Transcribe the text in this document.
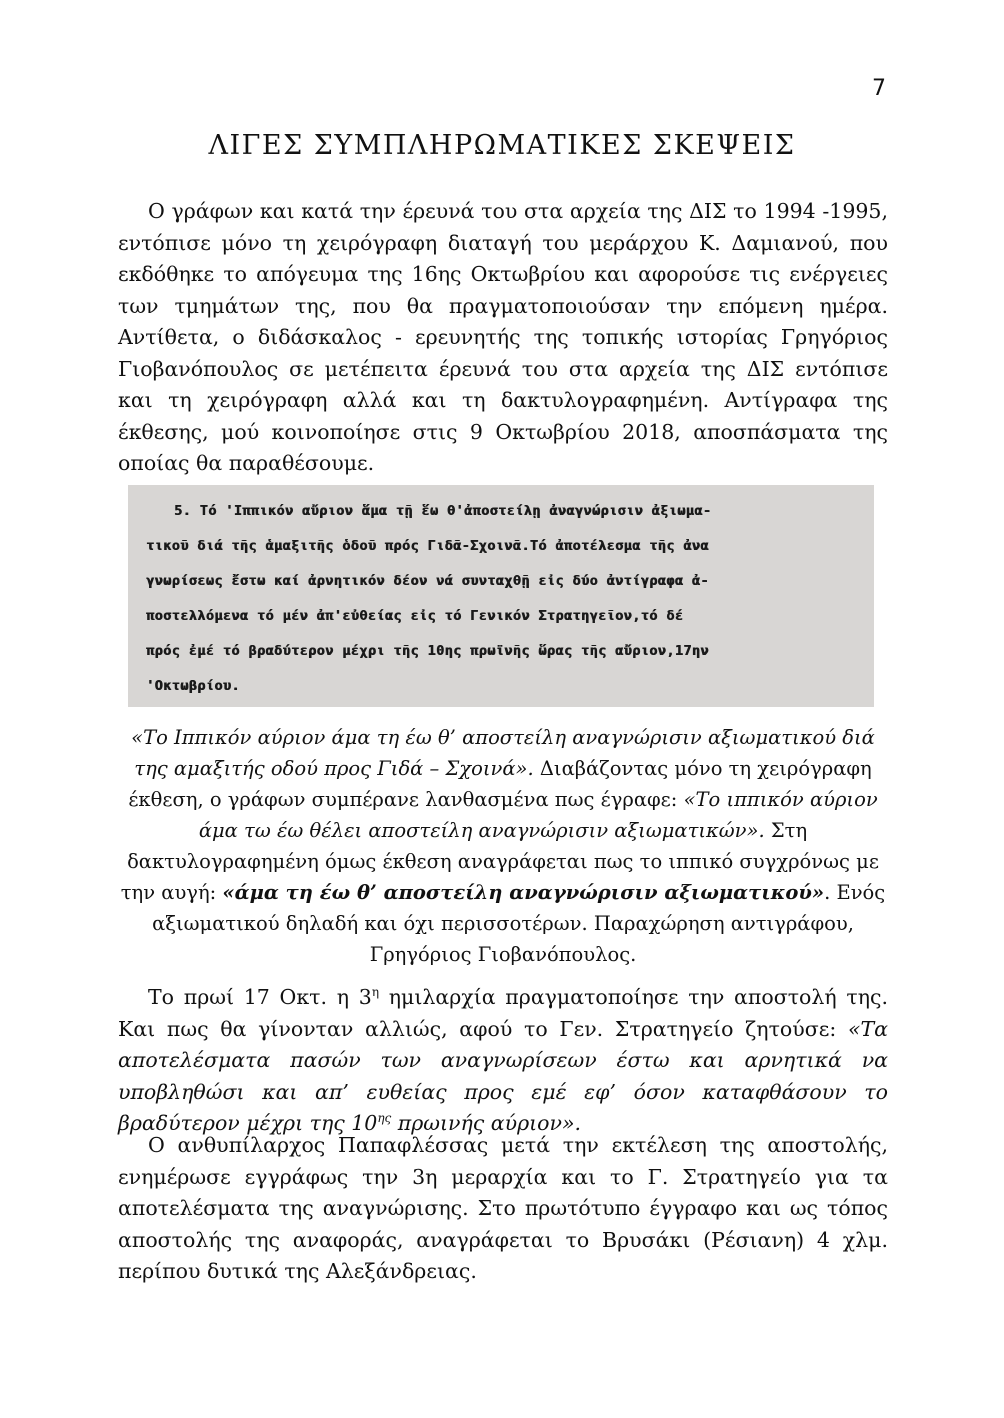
7
ΛΙΓΕΣ ΣΥΜΠΛΗΡΩΜΑΤΙΚΕΣ ΣΚΕΨΕΙΣ

Ο γράφων και κατά την έρευνά του στα αρχεία της ΔΙΣ το 1994 -1995, εντόπισε μόνο τη χειρόγραφη διαταγή του μεράρχου Κ. Δαμιανού, που εκδόθηκε το απόγευμα της 16ης Οκτωβρίου και αφορούσε τις ενέργειες των τμημάτων της, που θα πραγματοποιούσαν την επόμενη ημέρα. Αντίθετα, ο διδάσκαλος - ερευνητής της τοπικής ιστορίας Γρηγόριος Γιοβανόπουλος σε μετέπειτα έρευνά του στα αρχεία της ΔΙΣ εντόπισε και τη χειρόγραφη αλλά και τη δακτυλογραφημένη. Αντίγραφα της έκθεσης, μού κοινοποίησε στις 9 Οκτωβρίου 2018, αποσπάσματα της οποίας θα παραθέσουμε.

5. Τό 'Ιππικόν αὔριον ἅμα τῇ ἕω θ'ἀποστείλῃ ἀναγνώρισιν ἀξιωμα-
τικοῦ διά τῆς ἁμαξιτῆς ὁδοῦ πρός Γιδᾶ-Σχοινᾶ.Τό ἀποτέλεσμα τῆς ἀνα
γνωρίσεως ἔστω καί ἀρνητικόν δέον νά συνταχθῇ εἰς δύο ἀντίγραφα ἀ-
ποστελλόμενα τό μέν ἀπ'εὐθείας εἰς τό Γενικόν Στρατηγεῖον,τό δέ
πρός ἐμέ τό βραδύτερον μέχρι τῆς 10ης πρωϊνῆς ὥρας τῆς αὔριον,17ην
'Οκτωβρίου.

«Το Ιππικόν αύριον άμα τη έω θ’ αποστείλη αναγνώρισιν αξιωματικού διά της αμαξιτής οδού προς Γιδά – Σχοινά». Διαβάζοντας μόνο τη χειρόγραφη έκθεση, ο γράφων συμπέρανε λανθασμένα πως έγραφε: «Το ιππικόν αύριον άμα τω έω θέλει αποστείλη αναγνώρισιν αξιωματικών». Στη δακτυλογραφημένη όμως έκθεση αναγράφεται πως το ιππικό συγχρόνως με την αυγή: «άμα τη έω θ’ αποστείλη αναγνώρισιν αξιωματικού». Ενός αξιωματικού δηλαδή και όχι περισσοτέρων. Παραχώρηση αντιγράφου, Γρηγόριος Γιοβανόπουλος.

Το πρωί 17 Οκτ. η $3^\eta$ ημιλαρχία πραγματοποίησε την αποστολή της. Και πως θα γίνονταν αλλιώς, αφού το Γεν. Στρατηγείο ζητούσε: «Τα αποτελέσματα πασών των αναγνωρίσεων έστω και αρνητικά να υποβληθώσι και απ’ ευθείας προς εμέ εφ’ όσον καταφθάσουν το βραδύτερον μέχρι της $10^{\eta\varsigma}$ πρωινής αύριον».

Ο ανθυπίλαρχος Παπαφλέσσας μετά την εκτέλεση της αποστολής, ενημέρωσε εγγράφως την 3η μεραρχία και το Γ. Στρατηγείο για τα αποτελέσματα της αναγνώρισης. Στο πρωτότυπο έγγραφο και ως τόπος αποστολής της αναφοράς, αναγράφεται το Βρυσάκι (Ρέσιανη) 4 χλμ. περίπου δυτικά της Αλεξάνδρειας.
